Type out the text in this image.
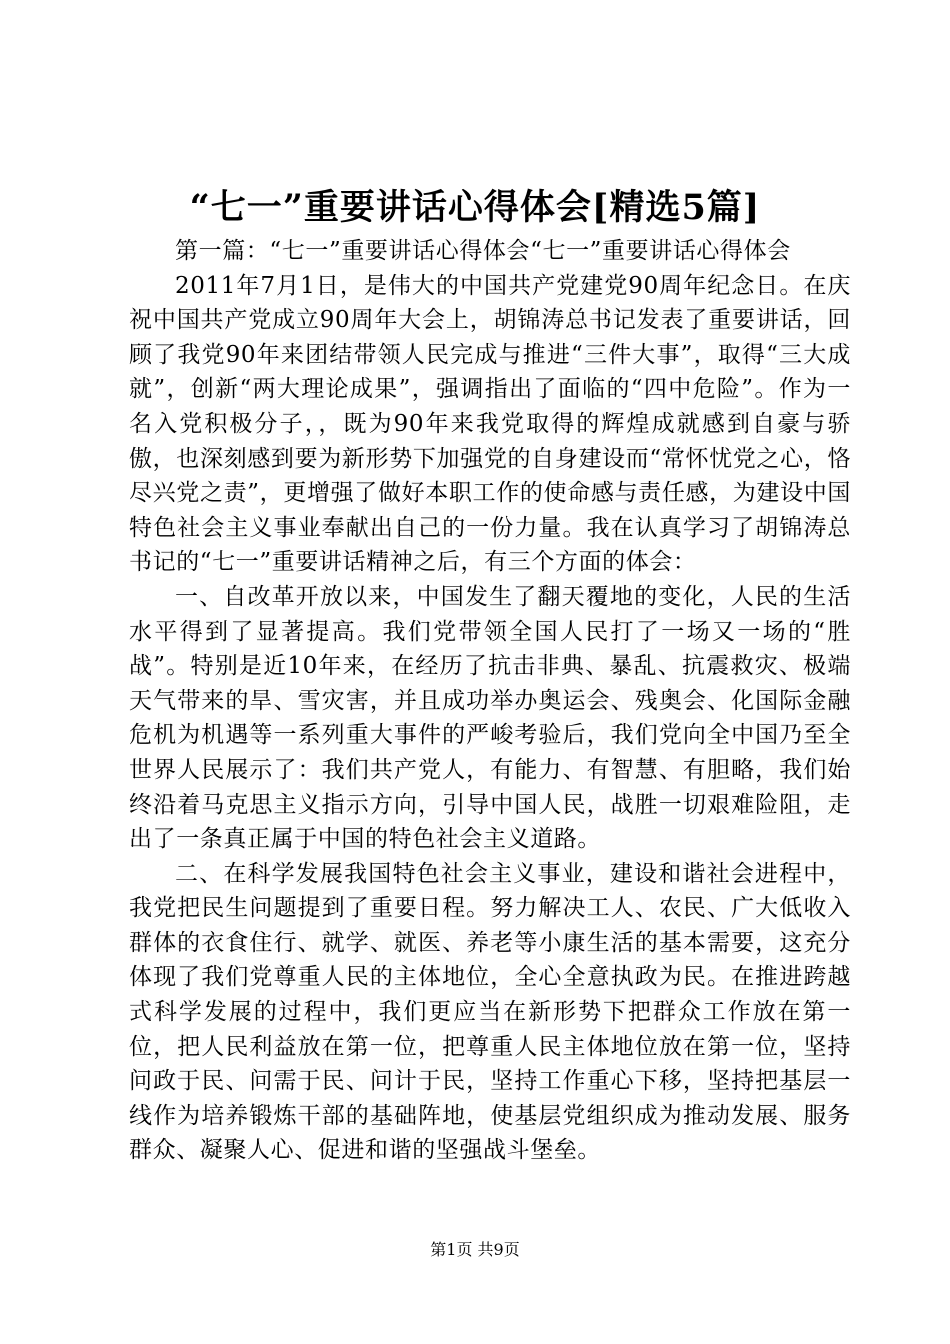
“七一”重要讲话心得体会[精选5篇]

第一篇：“七一”重要讲话心得体会“七一”重要讲话心得体会

2011年7月1日，是伟大的中国共产党建党90周年纪念日。在庆祝中国共产党成立90周年大会上，胡锦涛总书记发表了重要讲话，回顾了我党90年来团结带领人民完成与推进“三件大事”，取得“三大成就”，创新“两大理论成果”，强调指出了面临的“四中危险”。作为一名入党积极分子，，既为90年来我党取得的辉煌成就感到自豪与骄傲，也深刻感到要为新形势下加强党的自身建设而“常怀忧党之心，恪尽兴党之责”，更增强了做好本职工作的使命感与责任感，为建设中国特色社会主义事业奉献出自己的一份力量。我在认真学习了胡锦涛总书记的“七一”重要讲话精神之后，有三个方面的体会：

一、自改革开放以来，中国发生了翻天覆地的变化，人民的生活水平得到了显著提高。我们党带领全国人民打了一场又一场的“胜战”。特别是近10年来，在经历了抗击非典、暴乱、抗震救灾、极端天气带来的旱、雪灾害，并且成功举办奥运会、残奥会、化国际金融危机为机遇等一系列重大事件的严峻考验后，我们党向全中国乃至全世界人民展示了：我们共产党人，有能力、有智慧、有胆略，我们始终沿着马克思主义指示方向，引导中国人民，战胜一切艰难险阻，走出了一条真正属于中国的特色社会主义道路。

二、在科学发展我国特色社会主义事业，建设和谐社会进程中，我党把民生问题提到了重要日程。努力解决工人、农民、广大低收入群体的衣食住行、就学、就医、养老等小康生活的基本需要，这充分体现了我们党尊重人民的主体地位，全心全意执政为民。在推进跨越式科学发展的过程中，我们更应当在新形势下把群众工作放在第一位，把人民利益放在第一位，把尊重人民主体地位放在第一位，坚持问政于民、问需于民、问计于民，坚持工作重心下移，坚持把基层一线作为培养锻炼干部的基础阵地，使基层党组织成为推动发展、服务群众、凝聚人心、促进和谐的坚强战斗堡垒。

第1页 共9页
